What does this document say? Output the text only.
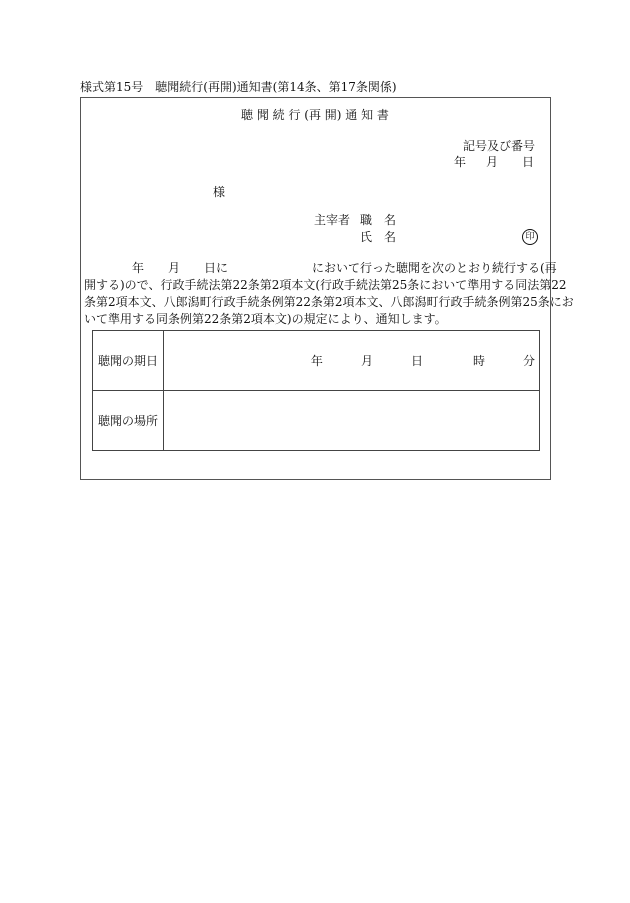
様式第15号　聴聞続行(再開)通知書(第14条、第17条関係)
聴 聞 続 行 (再 開) 通 知 書
記号及び番号
年 月 日
様
主宰者 職　名
氏　名	印
　　　　年　　月　　日に　　　　　　　において行った聴聞を次のとおり続行する(再
開する)ので、行政手続法第22条第2項本文(行政手続法第25条において準用する同法第22
条第2項本文、八郎潟町行政手続条例第22条第2項本文、八郎潟町行政手続条例第25条にお
いて準用する同条例第22条第2項本文)の規定により、通知します。
聴聞の期日	年 月 日 時 分

聴聞の場所	
